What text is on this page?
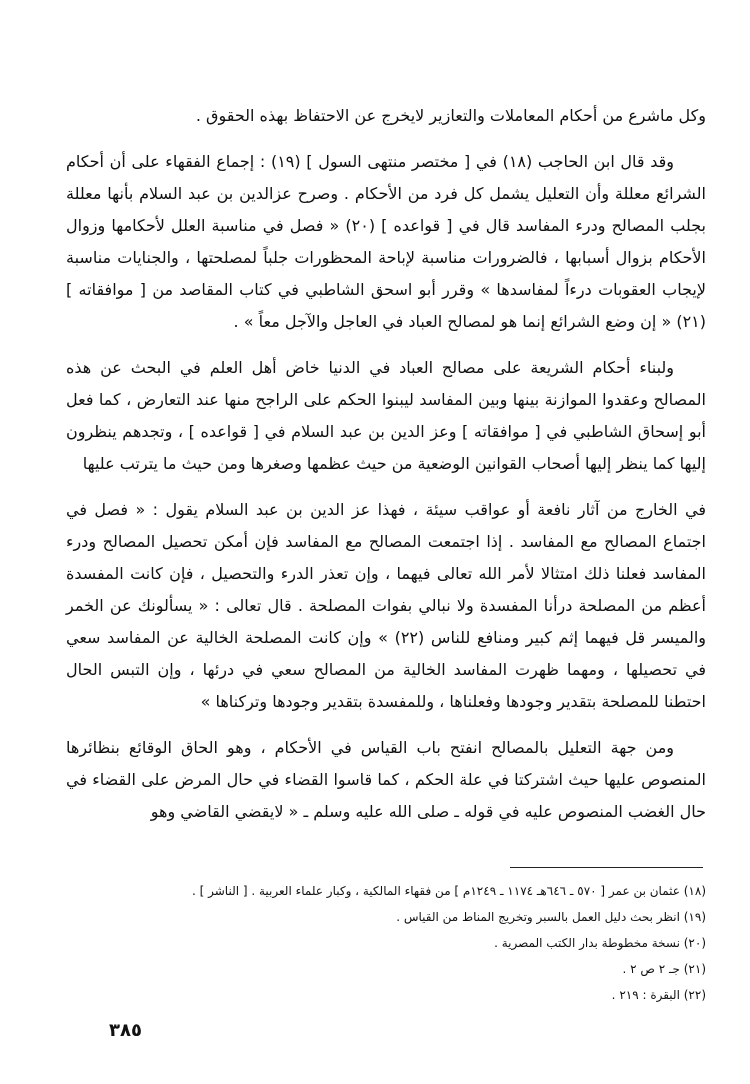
وكل ماشرع من أحكام المعاملات والتعازير لايخرج عن الاحتفاظ بهذه الحقوق .

وقد قال ابن الحاجب (١٨) في [ مختصر منتهى السول ] (١٩) : إجماع الفقهاء على أن أحكام الشرائع معللة وأن التعليل يشمل كل فرد من الأحكام . وصرح عزالدين بن عبد السلام بأنها معللة بجلب المصالح ودرء المفاسد قال في [ قواعده ] (٢٠) « فصل في مناسبة العلل لأحكامها وزوال الأحكام بزوال أسبابها ، فالضرورات مناسبة لإباحة المحظورات جلباً لمصلحتها ، والجنايات مناسبة لإيجاب العقوبات درءاً لمفاسدها » وقرر أبو اسحق الشاطبي في كتاب المقاصد من [ موافقاته ] (٢١) « إن وضع الشرائع إنما هو لمصالح العباد في العاجل والآجل معاً » .

ولبناء أحكام الشريعة على مصالح العباد في الدنيا خاض أهل العلم في البحث عن هذه المصالح وعقدوا الموازنة بينها وبين المفاسد ليبنوا الحكم على الراجح منها عند التعارض ، كما فعل أبو إسحاق الشاطبي في [ موافقاته ] وعز الدين بن عبد السلام في [ قواعده ] ، وتجدهم ينظرون إليها كما ينظر إليها أصحاب القوانين الوضعية من حيث عظمها وصغرها ومن حيث ما يترتب عليها

في الخارج من آثار نافعة أو عواقب سيئة ، فهذا عز الدين بن عبد السلام يقول : « فصل في اجتماع المصالح مع المفاسد . إذا اجتمعت المصالح مع المفاسد فإن أمكن تحصيل المصالح ودرء المفاسد فعلنا ذلك امتثالا لأمر الله تعالى فيهما ، وإن تعذر الدرء والتحصيل ، فإن كانت المفسدة أعظم من المصلحة درأنا المفسدة ولا نبالي بفوات المصلحة . قال تعالى : « يسألونك عن الخمر والميسر قل فيهما إثم كبير ومنافع للناس (٢٢) » وإن كانت المصلحة الخالية عن المفاسد سعي في تحصيلها ، ومهما ظهرت المفاسد الخالية من المصالح سعي في درئها ، وإن التبس الحال احتطنا للمصلحة بتقدير وجودها وفعلناها ، وللمفسدة بتقدير وجودها وتركناها »

ومن جهة التعليل بالمصالح انفتح باب القياس في الأحكام ، وهو الحاق الوقائع بنظائرها المنصوص عليها حيث اشتركتا في علة الحكم ، كما قاسوا القضاء في حال المرض على القضاء في حال الغضب المنصوص عليه في قوله ـ صلى الله عليه وسلم ـ « لايقضي القاضي وهو

(١٨) عثمان بن عمر [ ٥٧٠ ـ ٦٤٦هـ ١١٧٤ ـ ١٢٤٩م ] من فقهاء المالكية ، وكبار علماء العربية . [ الناشر ] .

(١٩) انظر بحث دليل العمل بالسبر وتخريج المناط من القياس .

(٢٠) نسخة مخطوطة بدار الكتب المصرية .

(٢١) جـ ٢ ص ٢ .

(٢٢) البقرة : ٢١٩ .

٣٨٥
